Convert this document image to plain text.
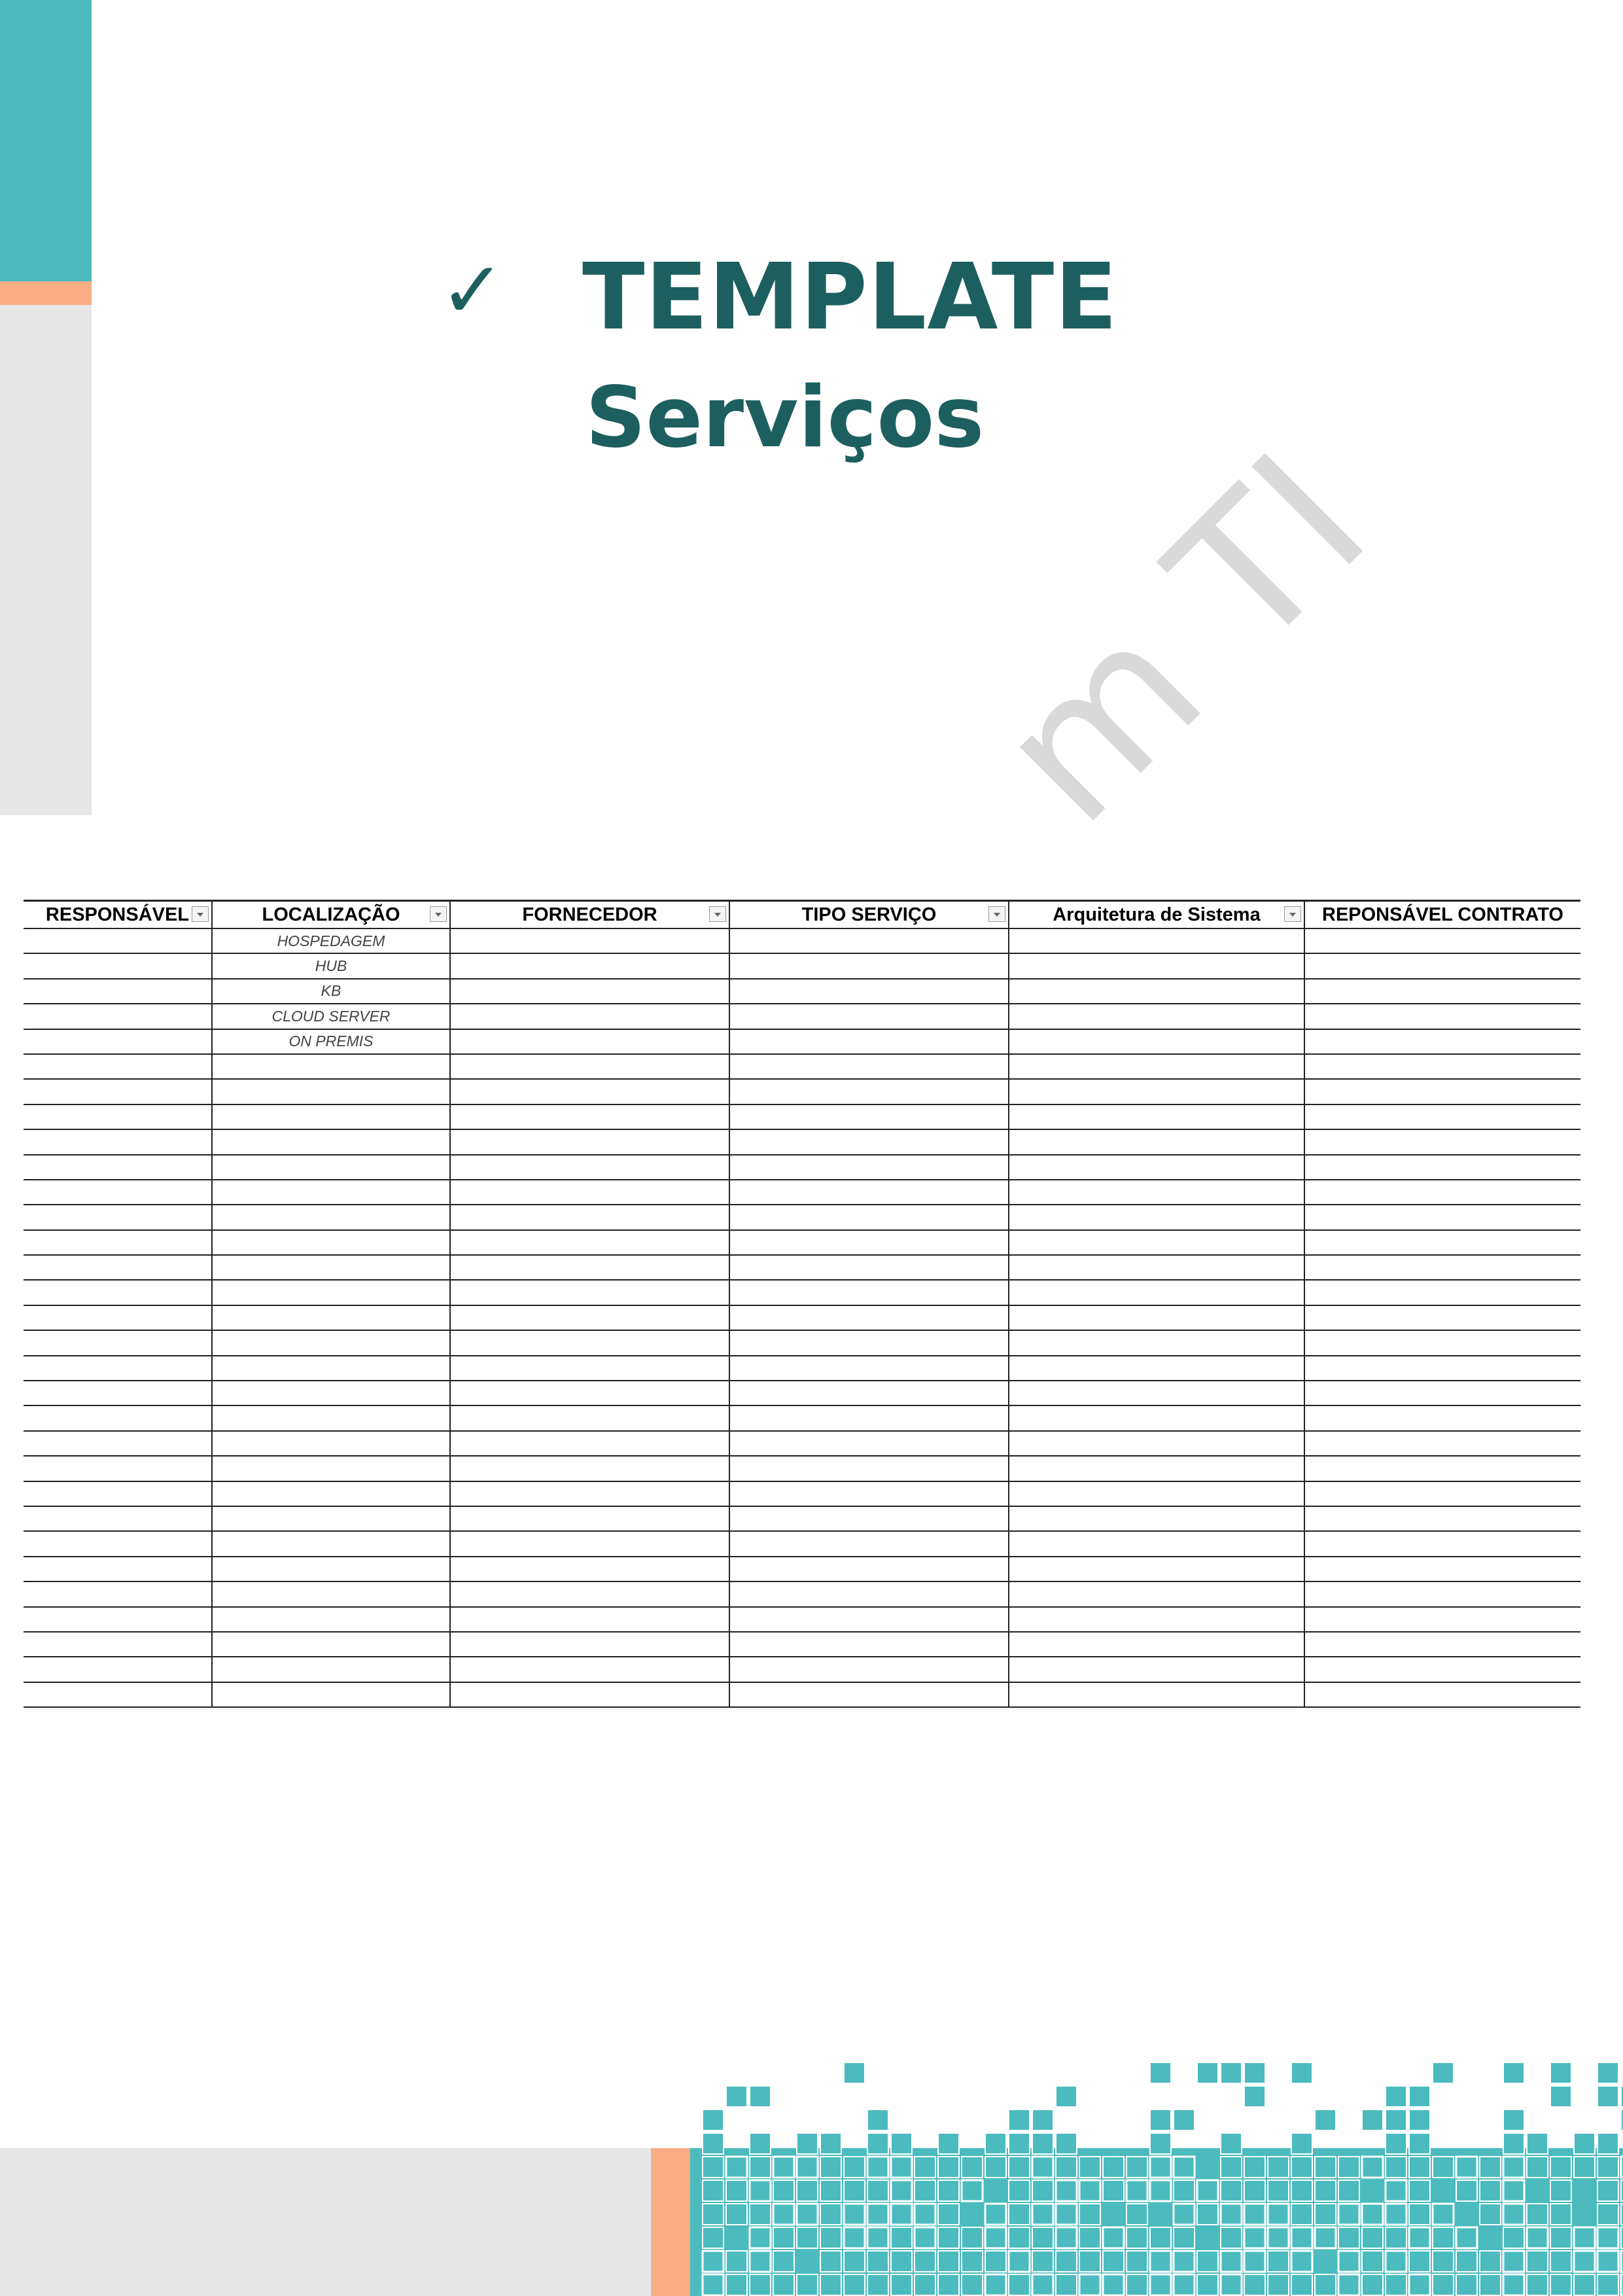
✓ TEMPLATE
Serviços
m TI
RESPONSÁVEL	LOCALIZAÇÃO	FORNECEDOR	TIPO SERVIÇO	Arquitetura de Sistema	REPONSÁVEL CONTRATO
	HOSPEDAGEM				
	HUB				
	KB				
	CLOUD SERVER				
	ON PREMIS				
